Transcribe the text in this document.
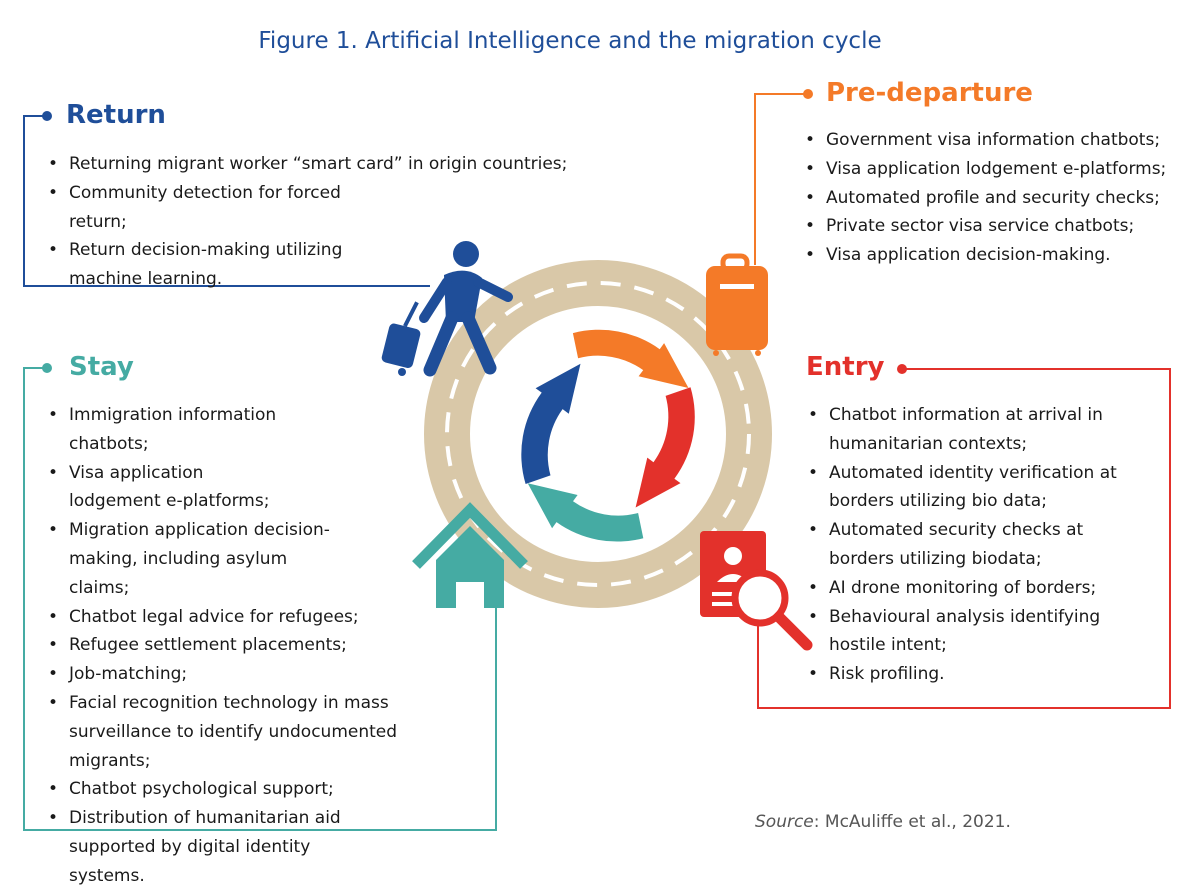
Figure 1. Artificial Intelligence and the migration cycle
Return
• Returning migrant worker “smart card” in origin countries;
• Community detection for forced return;
• Return decision-making utilizing machine learning.
Pre-departure
• Government visa information chatbots;
• Visa application lodgement e-platforms;
• Automated profile and security checks;
• Private sector visa service chatbots;
• Visa application decision-making.
Stay
• Immigration information chatbots;
• Visa application lodgement e-platforms;
• Migration application decision-making, including asylum claims;
• Chatbot legal advice for refugees;
• Refugee settlement placements;
• Job-matching;
• Facial recognition technology in mass surveillance to identify undocumented migrants;
• Chatbot psychological support;
• Distribution of humanitarian aid supported by digital identity systems.
Entry
• Chatbot information at arrival in humanitarian contexts;
• Automated identity verification at borders utilizing bio data;
• Automated security checks at borders utilizing biodata;
• AI drone monitoring of borders;
• Behavioural analysis identifying hostile intent;
• Risk profiling.
Source: McAuliffe et al., 2021.
